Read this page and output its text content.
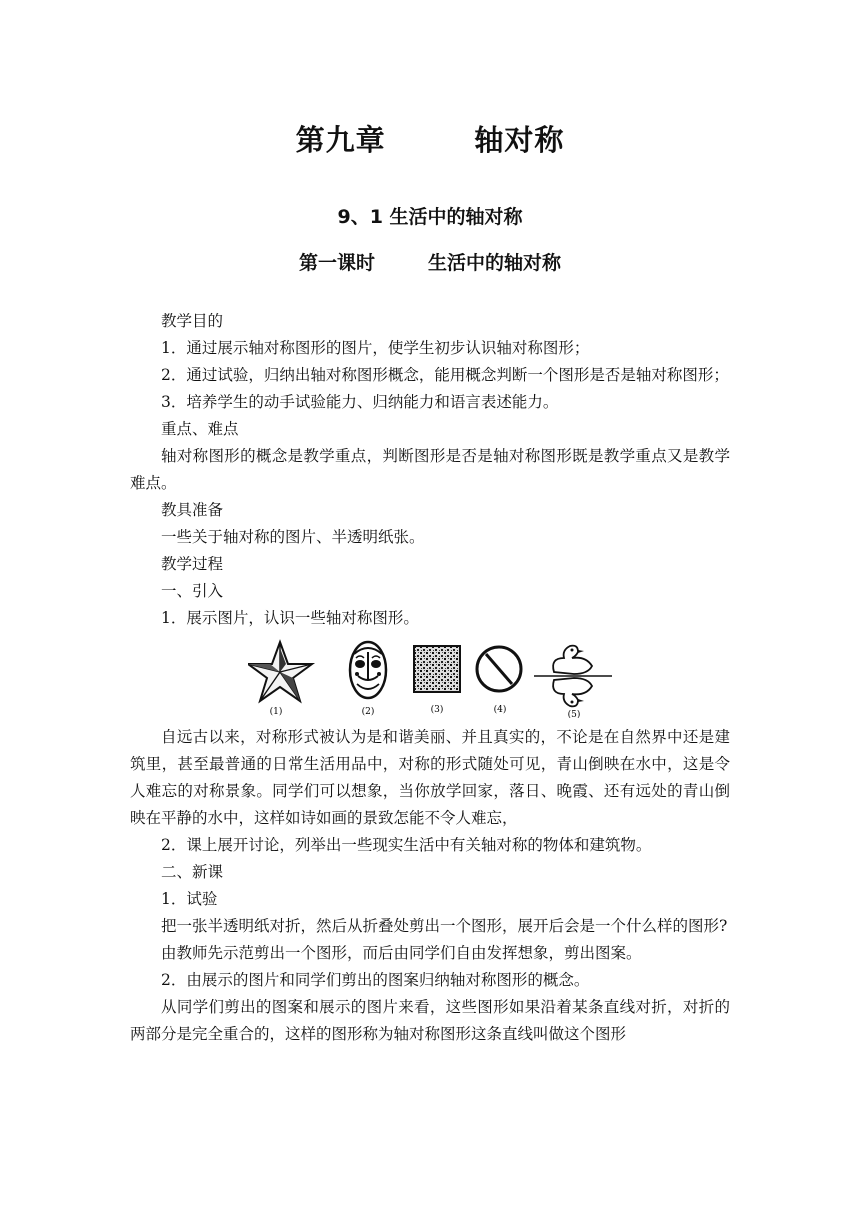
第九章        轴对称
9、1 生活中的轴对称
第一课时        生活中的轴对称

教学目的

1．通过展示轴对称图形的图片，使学生初步认识轴对称图形；

2．通过试验，归纳出轴对称图形概念，能用概念判断一个图形是否是轴对称图形；

3．培养学生的动手试验能力、归纳能力和语言表述能力。

重点、难点

轴对称图形的概念是教学重点，判断图形是否是轴对称图形既是教学重点又是教学难点。

教具准备

一些关于轴对称的图片、半透明纸张。

教学过程

一、引入

1．展示图片，认识一些轴对称图形。

(1)	(2)	(3)	(4)	(5)

自远古以来，对称形式被认为是和谐美丽、并且真实的，不论是在自然界中还是建筑里，甚至最普通的日常生活用品中，对称的形式随处可见，青山倒映在水中，这是令人难忘的对称景象。同学们可以想象，当你放学回家，落日、晚霞、还有远处的青山倒映在平静的水中，这样如诗如画的景致怎能不令人难忘，

2．课上展开讨论，列举出一些现实生活中有关轴对称的物体和建筑物。

二、新课

1．试验

把一张半透明纸对折，然后从折叠处剪出一个图形，展开后会是一个什么样的图形?

由教师先示范剪出一个图形，而后由同学们自由发挥想象，剪出图案。

2．由展示的图片和同学们剪出的图案归纳轴对称图形的概念。

从同学们剪出的图案和展示的图片来看，这些图形如果沿着某条直线对折，对折的两部分是完全重合的，这样的图形称为轴对称图形这条直线叫做这个图形
